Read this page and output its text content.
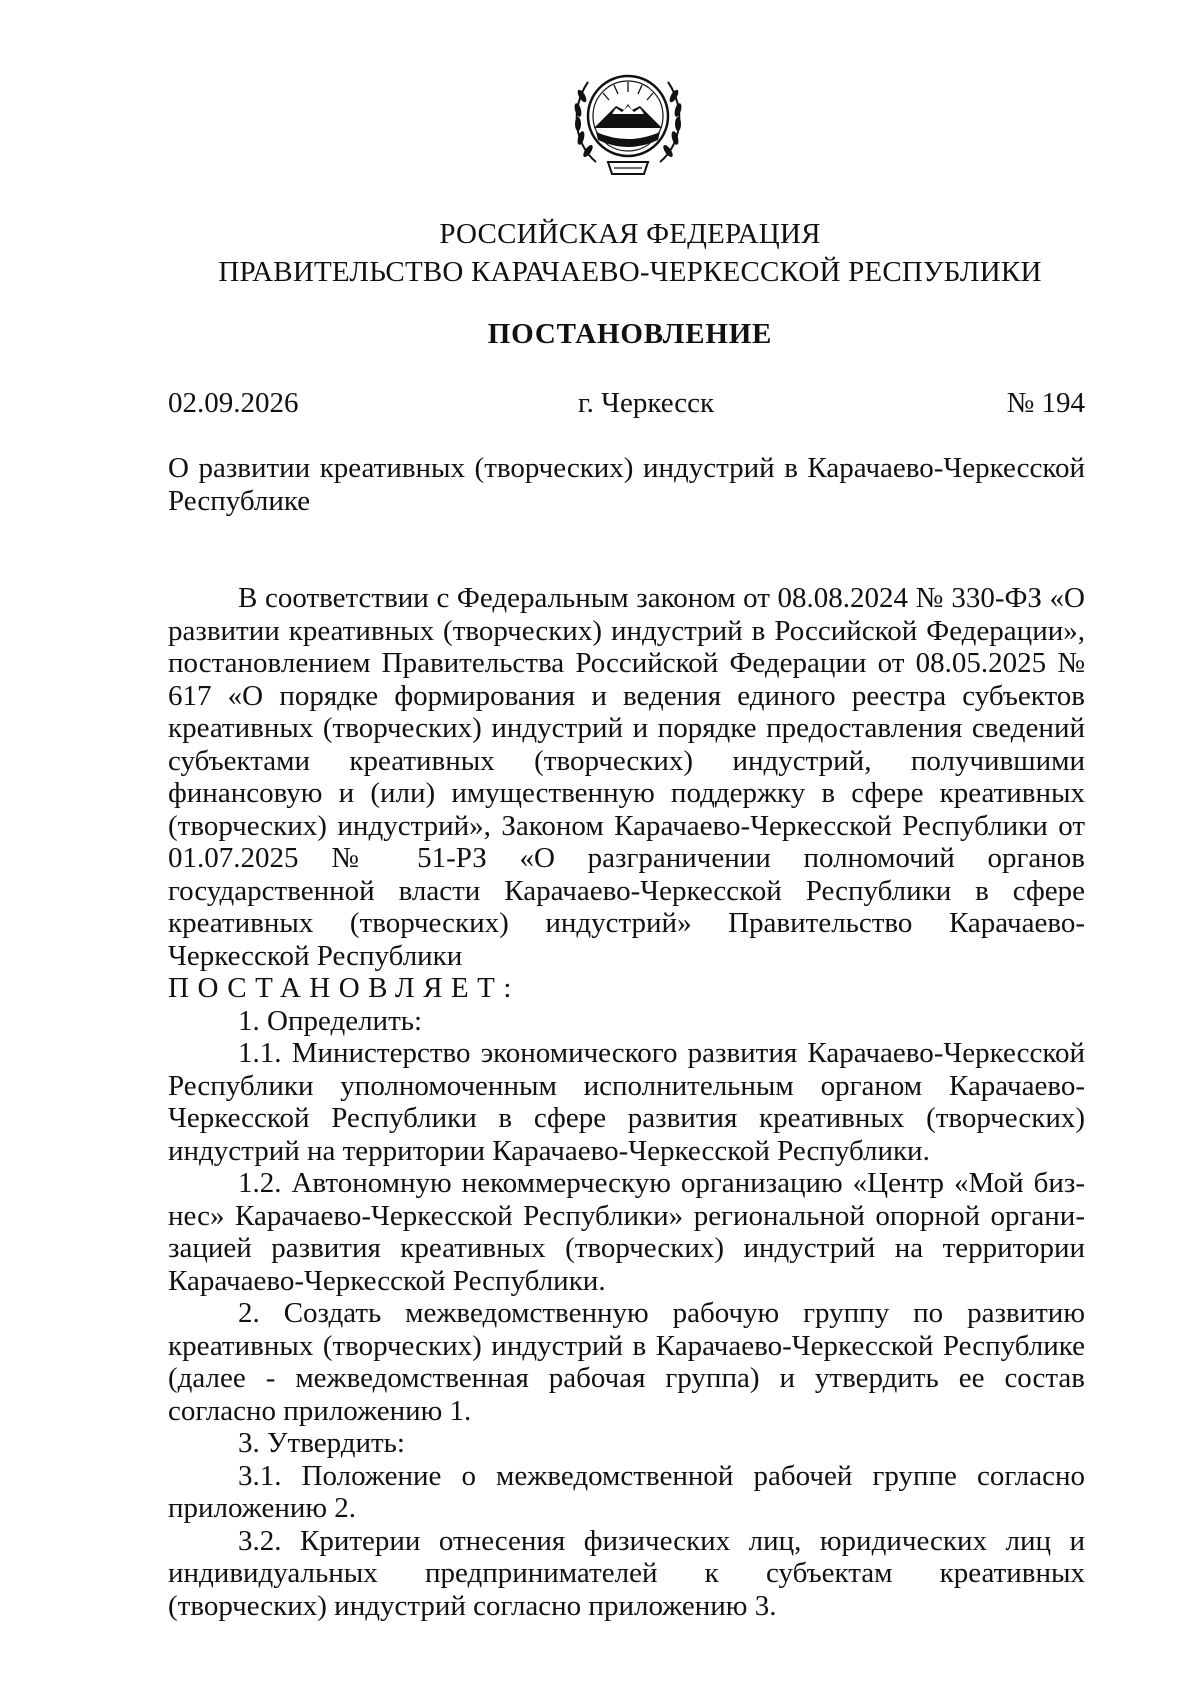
РОССИЙСКАЯ ФЕДЕРАЦИЯ
ПРАВИТЕЛЬСТВО КАРАЧАЕВО-ЧЕРКЕССКОЙ РЕСПУБЛИКИ
ПОСТАНОВЛЕНИЕ
02.09.2026	г. Черкесск	№ 194
О развитии креативных (творческих) индустрий в Карачаево-Черкесской Республике

В соответствии с Федеральным законом от 08.08.2024 № 330-ФЗ «О развитии креативных (творческих) индустрий в Российской Федерации», постановлением Правительства Российской Федерации от 08.05.2025 № 617 «О порядке формирования и ведения единого реестра субъектов креативных (творческих) индустрий и порядке предоставления сведений субъектами креативных (творческих) индустрий, получившими финансовую и (или) имущественную поддержку в сфере креативных (творческих) индустрий», Законом Карачаево-Черкесской Республики от 01.07.2025 № 51-РЗ «О разграничении полномочий органов государственной власти Карачаево-Черкесской Республики в сфере креативных (творческих) индустрий» Правительство Карачаево-Черкесской Республики

ПОСТАНОВЛЯЕТ:

1. Определить:

1.1. Министерство экономического развития Карачаево-Черкесской Республики уполномоченным исполнительным органом Карачаево-Черкесской Республики в сфере развития креативных (творческих) индустрий на территории Карачаево-Черкесской Республики.

1.2. Автономную некоммерческую организацию «Центр «Мой бизнес» Карачаево-Черкесской Республики» региональной опорной организацией развития креативных (творческих) индустрий на территории Карачаево-Черкесской Республики.

2. Создать межведомственную рабочую группу по развитию креативных (творческих) индустрий в Карачаево-Черкесской Республике (далее - межведомственная рабочая группа) и утвердить ее состав согласно приложению 1.

3. Утвердить:

3.1. Положение о межведомственной рабочей группе согласно приложению 2.

3.2. Критерии отнесения физических лиц, юридических лиц и индивидуальных предпринимателей к субъектам креативных (творческих) индустрий согласно приложению 3.
